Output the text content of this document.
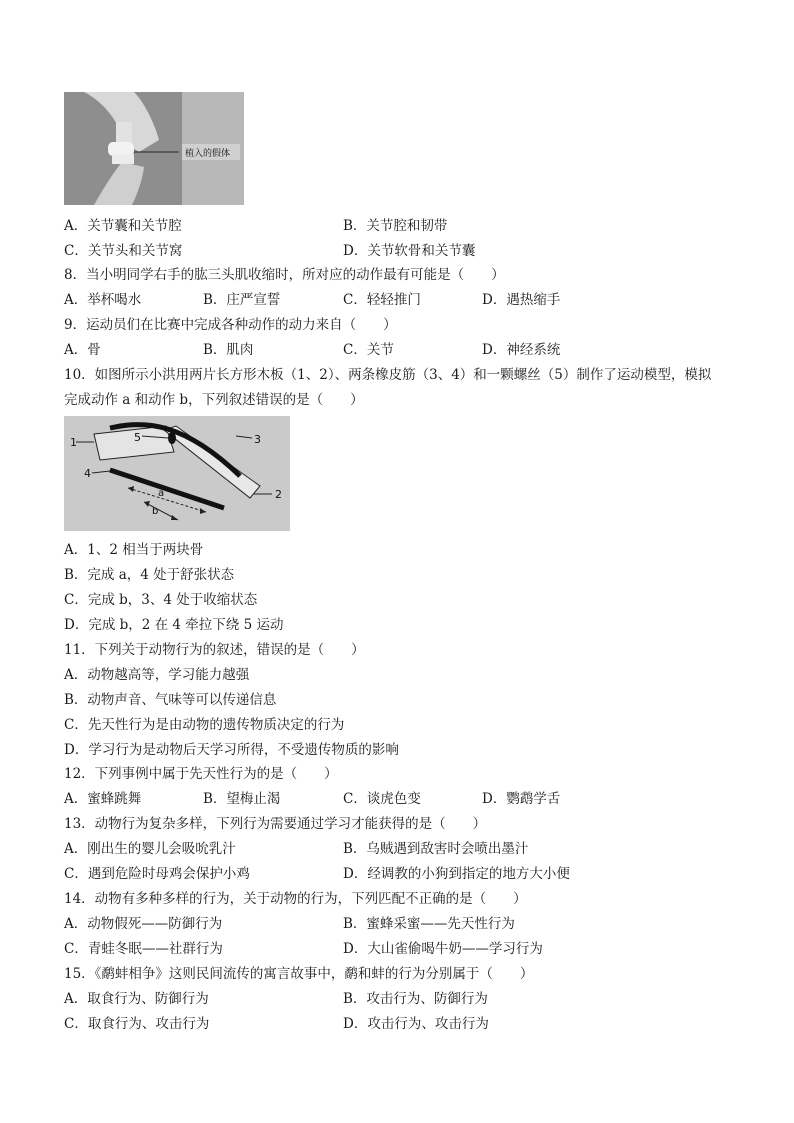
植入的假体
A．关节囊和关节腔	B．关节腔和韧带
C．关节头和关节窝	D．关节软骨和关节囊
8．当小明同学右手的肱三头肌收缩时，所对应的动作最有可能是（　　）
A．举杯喝水	B．庄严宣誓	C．轻轻推门	D．遇热缩手
9．运动员们在比赛中完成各种动作的动力来自（　　）
A．骨	B．肌肉	C．关节	D．神经系统
10．如图所示小洪用两片长方形木板（1、2）、两条橡皮筋（3、4）和一颗螺丝（5）制作了运动模型，模拟
完成动作 a 和动作 b，下列叙述错误的是（　　）
1	5	3
4
2
a
b
A．1、2 相当于两块骨
B．完成 a，4 处于舒张状态
C．完成 b，3、4 处于收缩状态
D．完成 b，2 在 4 牵拉下绕 5 运动
11．下列关于动物行为的叙述，错误的是（　　）
A．动物越高等，学习能力越强
B．动物声音、气味等可以传递信息
C．先天性行为是由动物的遗传物质决定的行为
D．学习行为是动物后天学习所得，不受遗传物质的影响
12．下列事例中属于先天性行为的是（　　）
A．蜜蜂跳舞	B．望梅止渴	C．谈虎色变	D．鹦鹉学舌
13．动物行为复杂多样，下列行为需要通过学习才能获得的是（　　）
A．刚出生的婴儿会吸吮乳汁	B．乌贼遇到敌害时会喷出墨汁
C．遇到危险时母鸡会保护小鸡	D．经调教的小狗到指定的地方大小便
14．动物有多种多样的行为，关于动物的行为，下列匹配不正确的是（　　）
A．动物假死——防御行为	B．蜜蜂采蜜——先天性行为
C．青蛙冬眠——社群行为	D．大山雀偷喝牛奶——学习行为
15．《鹬蚌相争》这则民间流传的寓言故事中，鹬和蚌的行为分别属于（　　）
A．取食行为、防御行为	B．攻击行为、防御行为
C．取食行为、攻击行为	D．攻击行为、攻击行为
